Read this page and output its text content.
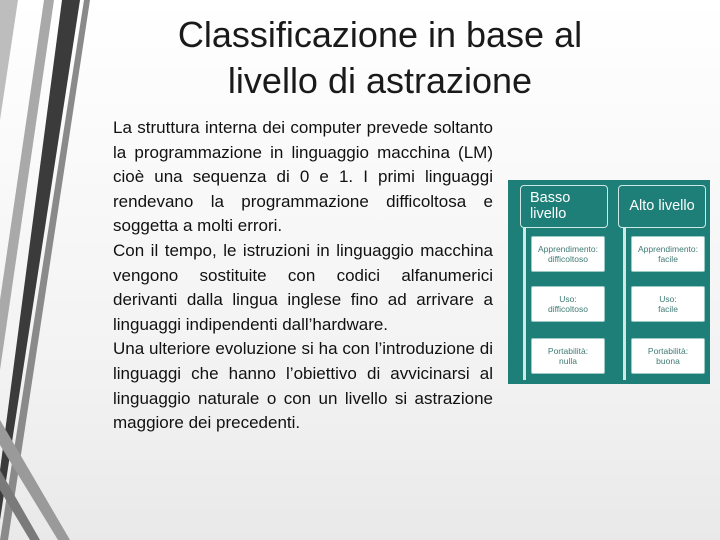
Classificazione in base al
livello di astrazione

La struttura interna dei computer prevede soltanto la programmazione in linguaggio macchina (LM) cioè una sequenza di 0 e 1. I primi linguaggi rendevano la programmazione difficoltosa e soggetta a molti errori.

Con il tempo, le istruzioni in linguaggio macchina vengono sostituite con codici alfanumerici derivanti dalla lingua inglese fino ad arrivare a linguaggi indipendenti dall’hardware.

Una ulteriore evoluzione si ha con l’introduzione di linguaggi che hanno l’obiettivo di avvicinarsi al linguaggio naturale o con un livello si astrazione maggiore dei precedenti.

Basso
livello	Alto livello
Apprendimento:
difficoltoso
Uso:
difficoltoso
Portabilità:
nulla
Apprendimento:
facile
Uso:
facile
Portabilità:
buona
